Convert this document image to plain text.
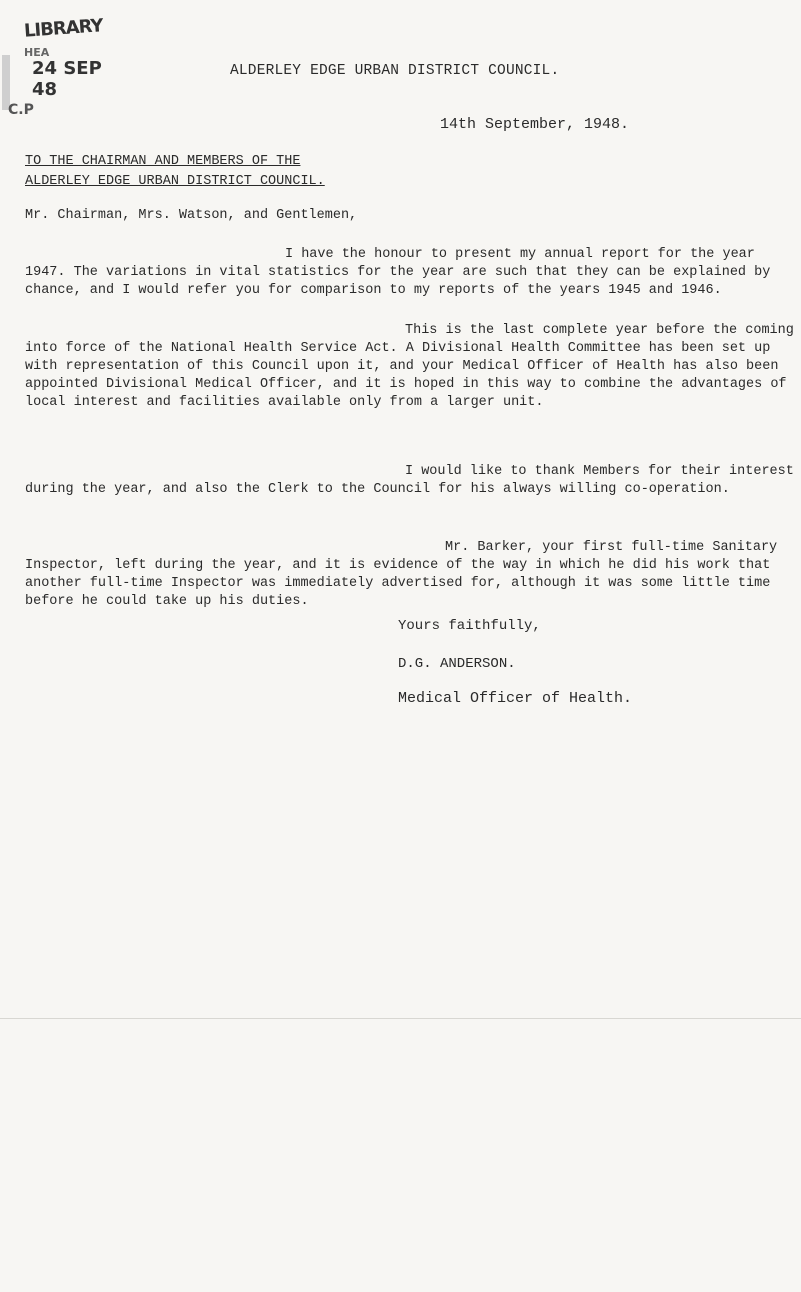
LIBRARY
HEA
24 SEP 48
C.P
ALDERLEY EDGE URBAN DISTRICT COUNCIL.
14th September, 1948.
TO THE CHAIRMAN AND MEMBERS OF THE
ALDERLEY EDGE URBAN DISTRICT COUNCIL.
Mr. Chairman, Mrs. Watson, and Gentlemen,
I have the honour to present my annual report for the year 1947. The variations in vital statistics for the year are such that they can be explained by chance, and I would refer you for comparison to my reports of the years 1945 and 1946.
This is the last complete year before the coming into force of the National Health Service Act. A Divisional Health Committee has been set up with representation of this Council upon it, and your Medical Officer of Health has also been appointed Divisional Medical Officer, and it is hoped in this way to combine the advantages of local interest and facilities available only from a larger unit.
I would like to thank Members for their interest during the year, and also the Clerk to the Council for his always willing co-operation.
Mr. Barker, your first full-time Sanitary Inspector, left during the year, and it is evidence of the way in which he did his work that another full-time Inspector was immediately advertised for, although it was some little time before he could take up his duties.
Yours faithfully,
D.G. ANDERSON.
Medical Officer of Health.
